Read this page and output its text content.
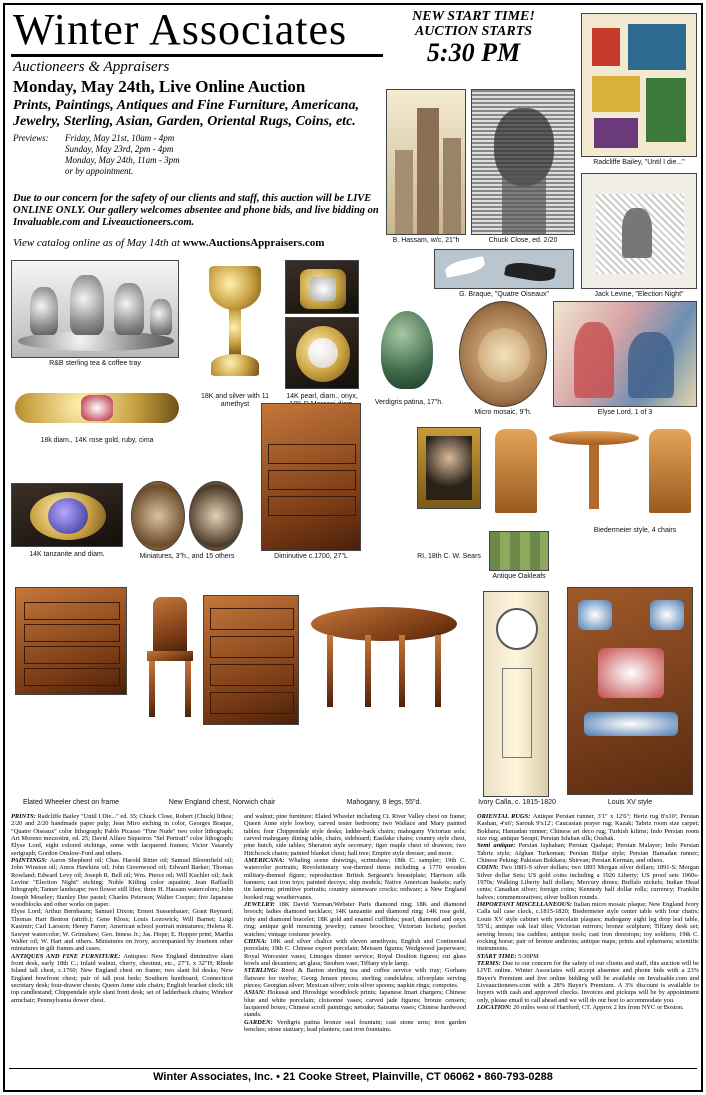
Winter Associates
Auctioneers & Appraisers
Monday, May 24th, Live Online Auction
Prints, Paintings, Antiques and Fine Furniture, Americana, Jewelry, Sterling, Asian, Garden, Oriental Rugs, Coins, etc.
Previews:	Friday, May 21st, 10am - 4pm
Sunday, May 23rd, 2pm - 4pm
Monday, May 24th, 11am - 3pm
or by appointment.
Due to our concern for the safety of our clients and staff, this auction will be LIVE ONLINE ONLY. Our gallery welcomes absentee and phone bids, and live bidding on Invaluable.com and Liveauctioneers.com.
View catalog online as of May 14th at www.AuctionsAppraisers.com
NEW START TIME!
AUCTION STARTS
5:30 PM
B. Hassam, w/c, 21"h	Chuck Close, ed. 2/20
Radcliffe Bailey, "Until I die..."
G. Braque, "Quatre Oiseaux"	Jack Levine, "Election Night"
R&B sterling tea & coffee tray
18K and silver with 11 amethyst
14K pearl, diam., onyx,
Verdigris patina, 17"h.
Micro mosaic, 9"h.	Elyse Lord, 1 of 3
18k diam., 14K rose gold, ruby, cima
14K tanzanite and diam.	Miniatures, 3"h., and 15 others	Diminutive c.1700, 27"L	RI, 18th C. W. Sears
Biedermeier style, 4 chairs
Antique Oakleafs
Elated Wheeler chest on frame	New England chest, Norwich chair	Mahogany, 8 legs, 55"d.	Ivory Calla, c. 1815-1820	Louis XV style

PRINTS: Radcliffe Bailey "Until I Die..." ed. 35; Chuck Close, Robert (Chuck) lithos; 2/20 and 2/20 handmade paper pulp; Jean Miro etching in color, Georges Braque, "Quatre Oiseaux" color lithograph; Pablo Picasso "Fine Nude" two color lithograph; Art Moreno mezzotint, ed. 25; David Alfaro Siqueiros "Sel Portrait" color lithograph; Elyse Lord, eight colored etchings, some with lacquered frames; Victor Vasarely serigraph; Gordon Onslow-Ford and others.

PAINTINGS: Aaron Shepherd oil; Chas. Harold Ritter oil; Samuel Bloomfield oil; John Winston oil; Amos Hawkins oil; John Greenwood oil; Edward Barker; Thomas Rowland; Edward Levy oil; Joseph R. Bell oil; Wm. Pierce oil; Will Kuchler oil; Jack Levine "Election Night" etching; Noble Kitling color aquatint; Jean Raffaelli lithograph; Tanner landscape; two flower still lifes; three H. Hassam watercolors; John Joseph Moseley; Stanley Dee pastel; Charles Peterson; Walter Cooper; five Japanese woodblocks and other works on paper.

Elyse Lord; Arthur Bernbaum; Samuel Dixon; Ernest Sussenbauer; Grant Reynard; Thomas Hart Benton (attrib.); Gene Kloss; Louis Lozowick; Will Barnet; Luigi Kasimir; Carl Larsson; Henry Farrer; American school portrait miniatures; Helena R. Sawyer watercolor; W. Grimshaw; Geo. Inness Jr.; Jas. Hope; E. Hopper print; Martha Walter oil; W. Hart and others. Miniatures on ivory, accompanied by fourteen other miniatures in gilt frames and cases.

ANTIQUES AND FINE FURNITURE: Antiques: New England diminutive slant front desk, early 18th C.; Inlaid walnut, cherry, chestnut, etc., 27"L x 32"H; Rhode Island tall chest, c.1760; New England chest on frame; two slant lid desks; New England bowfront chest; pair of tall post beds; Southern huntboard; Connecticut secretary desk; four-drawer chests; Queen Anne side chairs; English bracket clock; tilt top candlestand; Chippendale style slant front desk; set of ladderback chairs; Windsor armchair; Pennsylvania dower chest.

and walnut; pine furniture; Elated Wheeler including Ct. River Valley chest on frame; Queen Anne style lowboy, carved tester bedroom; two Wallace and Mary painted tables; four Chippendale style desks; ladder-back chairs; mahogany Victorian sofa; carved mahogany dining table, chairs, sideboard; Eastlake chairs; country style chest, pine hutch, side tables; Sheraton style secretary; tiger maple chest of drawers; two Hitchcock chairs; painted blanket chest; hall tree; Empire style dresser; and more.

AMERICANA: Whaling scene drawings, scrimshaw; 18th C. sampler; 19th C. watercolor portraits; Revolutionary war-themed items including a 1770 wooden military-themed figure; reproduction British Sergeant's breastplate; Harrison silk banners; cast iron toys; painted decoys; ship models; Native American baskets; early tin lanterns; primitive portraits; country stoneware crocks; redware; a New England hooked rug; weathervanes.

JEWELRY: 18K David Yurman/Webster Paris diamond ring; 18K and diamond brooch; ladies diamond necklace; 14K tanzanite and diamond ring; 14K rose gold, ruby and diamond bracelet; 18K gold and enamel cufflinks; pearl, diamond and onyx ring; antique gold mourning jewelry; cameo brooches; Victorian lockets; pocket watches; vintage costume jewelry.

CHINA: 18K and silver chalice with eleven amethysts; English and Continental porcelain; 19th C. Chinese export porcelain; Meissen figures; Wedgwood jasperware; Royal Worcester vases; Limoges dinner service; Royal Doulton figures; cut glass bowls and decanters; art glass; Steuben vase; Tiffany style lamp.

STERLING: Reed & Barton sterling tea and coffee service with tray; Gorham flatware for twelve; Georg Jensen pieces; sterling candelabra; silverplate serving pieces; Georgian silver; Mexican silver; coin silver spoons; napkin rings; compotes.

ASIAN: Hokusai and Hiroshige woodblock prints; Japanese Imari chargers; Chinese blue and white porcelain; cloisonné vases; carved jade figures; bronze censers; lacquered boxes; Chinese scroll paintings; netsuke; Satsuma vases; Chinese hardwood stands.

GARDEN: Verdigris patina bronze seal fountain; cast stone urns; iron garden benches; stone statuary; lead planters; cast iron fountains.

ORIENTAL RUGS: Antique Persian runner, 3'1" x 12'6"; Heriz rug 8'x10'; Persian Kashan, 4'x6'; Sarouk 9'x12'; Caucasian prayer rug; Kazak; Tabriz room size carpet; Bokhara; Hamadan runner; Chinese art deco rug; Turkish kilims; Indo Persian room size rug; antique Serapi; Persian Isfahan silk; Oushak.

Semi antique: Persian Isphahan; Persian Qashqai; Persian Malayer; Indo Persian Tabriz style; Afghan Turkoman; Persian Bidjar style; Persian Hamadan runner; Chinese Peking; Pakistan Bokhara; Shirvan; Persian Kerman, and others.

COINS: Two 1881-S silver dollars; two 1893 Morgan silver dollars; 1891-S; Morgan Silver dollar Sets; US gold coins including a 1926 Liberty; US proof sets 1960s-1970s; Walking Liberty half dollars; Mercury dimes; Buffalo nickels; Indian Head cents; Canadian silver; foreign coins; Kennedy half dollar rolls; currency; Franklin halves; commemoratives; silver bullion rounds.

IMPORTANT MISCELLANEOUS: Italian micro mosaic plaque; New England Ivory Calla tall case clock, c.1815-1820; Biedermeier style center table with four chairs; Louis XV style cabinet with porcelain plaques; mahogany eight leg drop leaf table, 55"d.; antique oak leaf tiles; Victorian mirrors; bronze sculpture; Tiffany desk set; sewing boxes; tea caddies; antique tools; cast iron doorstops; toy soldiers; 19th C. rocking horse; pair of bronze andirons; antique maps; prints and ephemera; scientific instruments.

START TIME: 5:30PM

TERMS: Due to our concern for the safety of our clients and staff, this auction will be LIVE online. Winter Associates will accept absentee and phone bids with a 23% Buyer's Premium and live online bidding will be available on Invaluable.com and Liveauctioneers.com with a 28% Buyer's Premium. A 3% discount is available to buyers with cash and approved checks. Invoices and pickups will be by appointment only, please email to call ahead and we will do our best to accommodate you.

LOCATION: 20 miles west of Hartford, CT. Approx 2 hrs from NYC or Boston.

Winter Associates, Inc. • 21 Cooke Street, Plainville, CT 06062 • 860-793-0288
